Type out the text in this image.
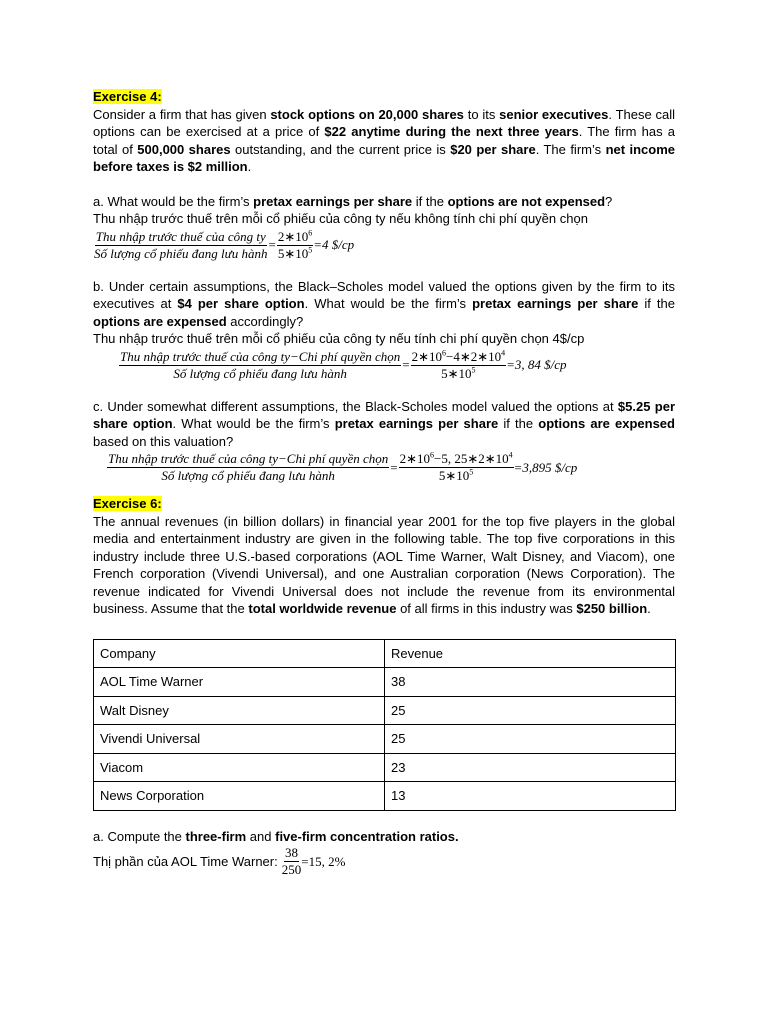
Exercise 4:

Consider a firm that has given stock options on 20,000 shares to its senior executives. These call options can be exercised at a price of $22 anytime during the next three years. The firm has a total of 500,000 shares outstanding, and the current price is $20 per share. The firm’s net income before taxes is $2 million.

a. What would be the firm’s pretax earnings per share if the options are not expensed?

Thu nhập trước thuế trên mỗi cổ phiếu của công ty nếu không tính chi phí quyền chọn

$\frac{\text{Thu nhập trước thuế của công ty}}{\text{Số lượng cổ phiếu đang lưu hành}} = \frac{2∗10^6}{5∗10^5} =4$ $/cp

b. Under certain assumptions, the Black–Scholes model valued the options given by the firm to its executives at $4 per share option. What would be the firm’s pretax earnings per share if the options are expensed accordingly?

Thu nhập trước thuế trên mỗi cổ phiếu của công ty nếu tính chi phí quyền chọn 4$/cp

$\frac{\text{Thu nhập trước thuế của công ty−Chi phí quyền chọn}}{\text{Số lượng cổ phiếu đang lưu hành}} = \frac{2∗10^6-4∗2∗10^4}{5∗10^5} =3$, 84 $/cp

c. Under somewhat different assumptions, the Black-Scholes model valued the options at $5.25 per share option. What would be the firm’s pretax earnings per share if the options are expensed based on this valuation?

$\frac{\text{Thu nhập trước thuế của công ty−Chi phí quyền chọn}}{\text{Số lượng cổ phiếu đang lưu hành}} = \frac{2∗10^6-5, 25∗2∗10^4}{5∗10^5} =3,895$ $/cp

Exercise 6:

The annual revenues (in billion dollars) in financial year 2001 for the top five players in the global media and entertainment industry are given in the following table. The top five corporations in this industry include three U.S.-based corporations (AOL Time Warner, Walt Disney, and Viacom), one French corporation (Vivendi Universal), and one Australian corporation (News Corporation). The revenue indicated for Vivendi Universal does not include the revenue from its environmental business. Assume that the total worldwide revenue of all firms in this industry was $250 billion.

Company	Revenue
AOL Time Warner	38
Walt Disney	25
Vivendi Universal	25
Viacom	23
News Corporation	13

a. Compute the three-firm and five-firm concentration ratios.

Thị phần của AOL Time Warner: $\frac{38}{250} =15$, 2%
